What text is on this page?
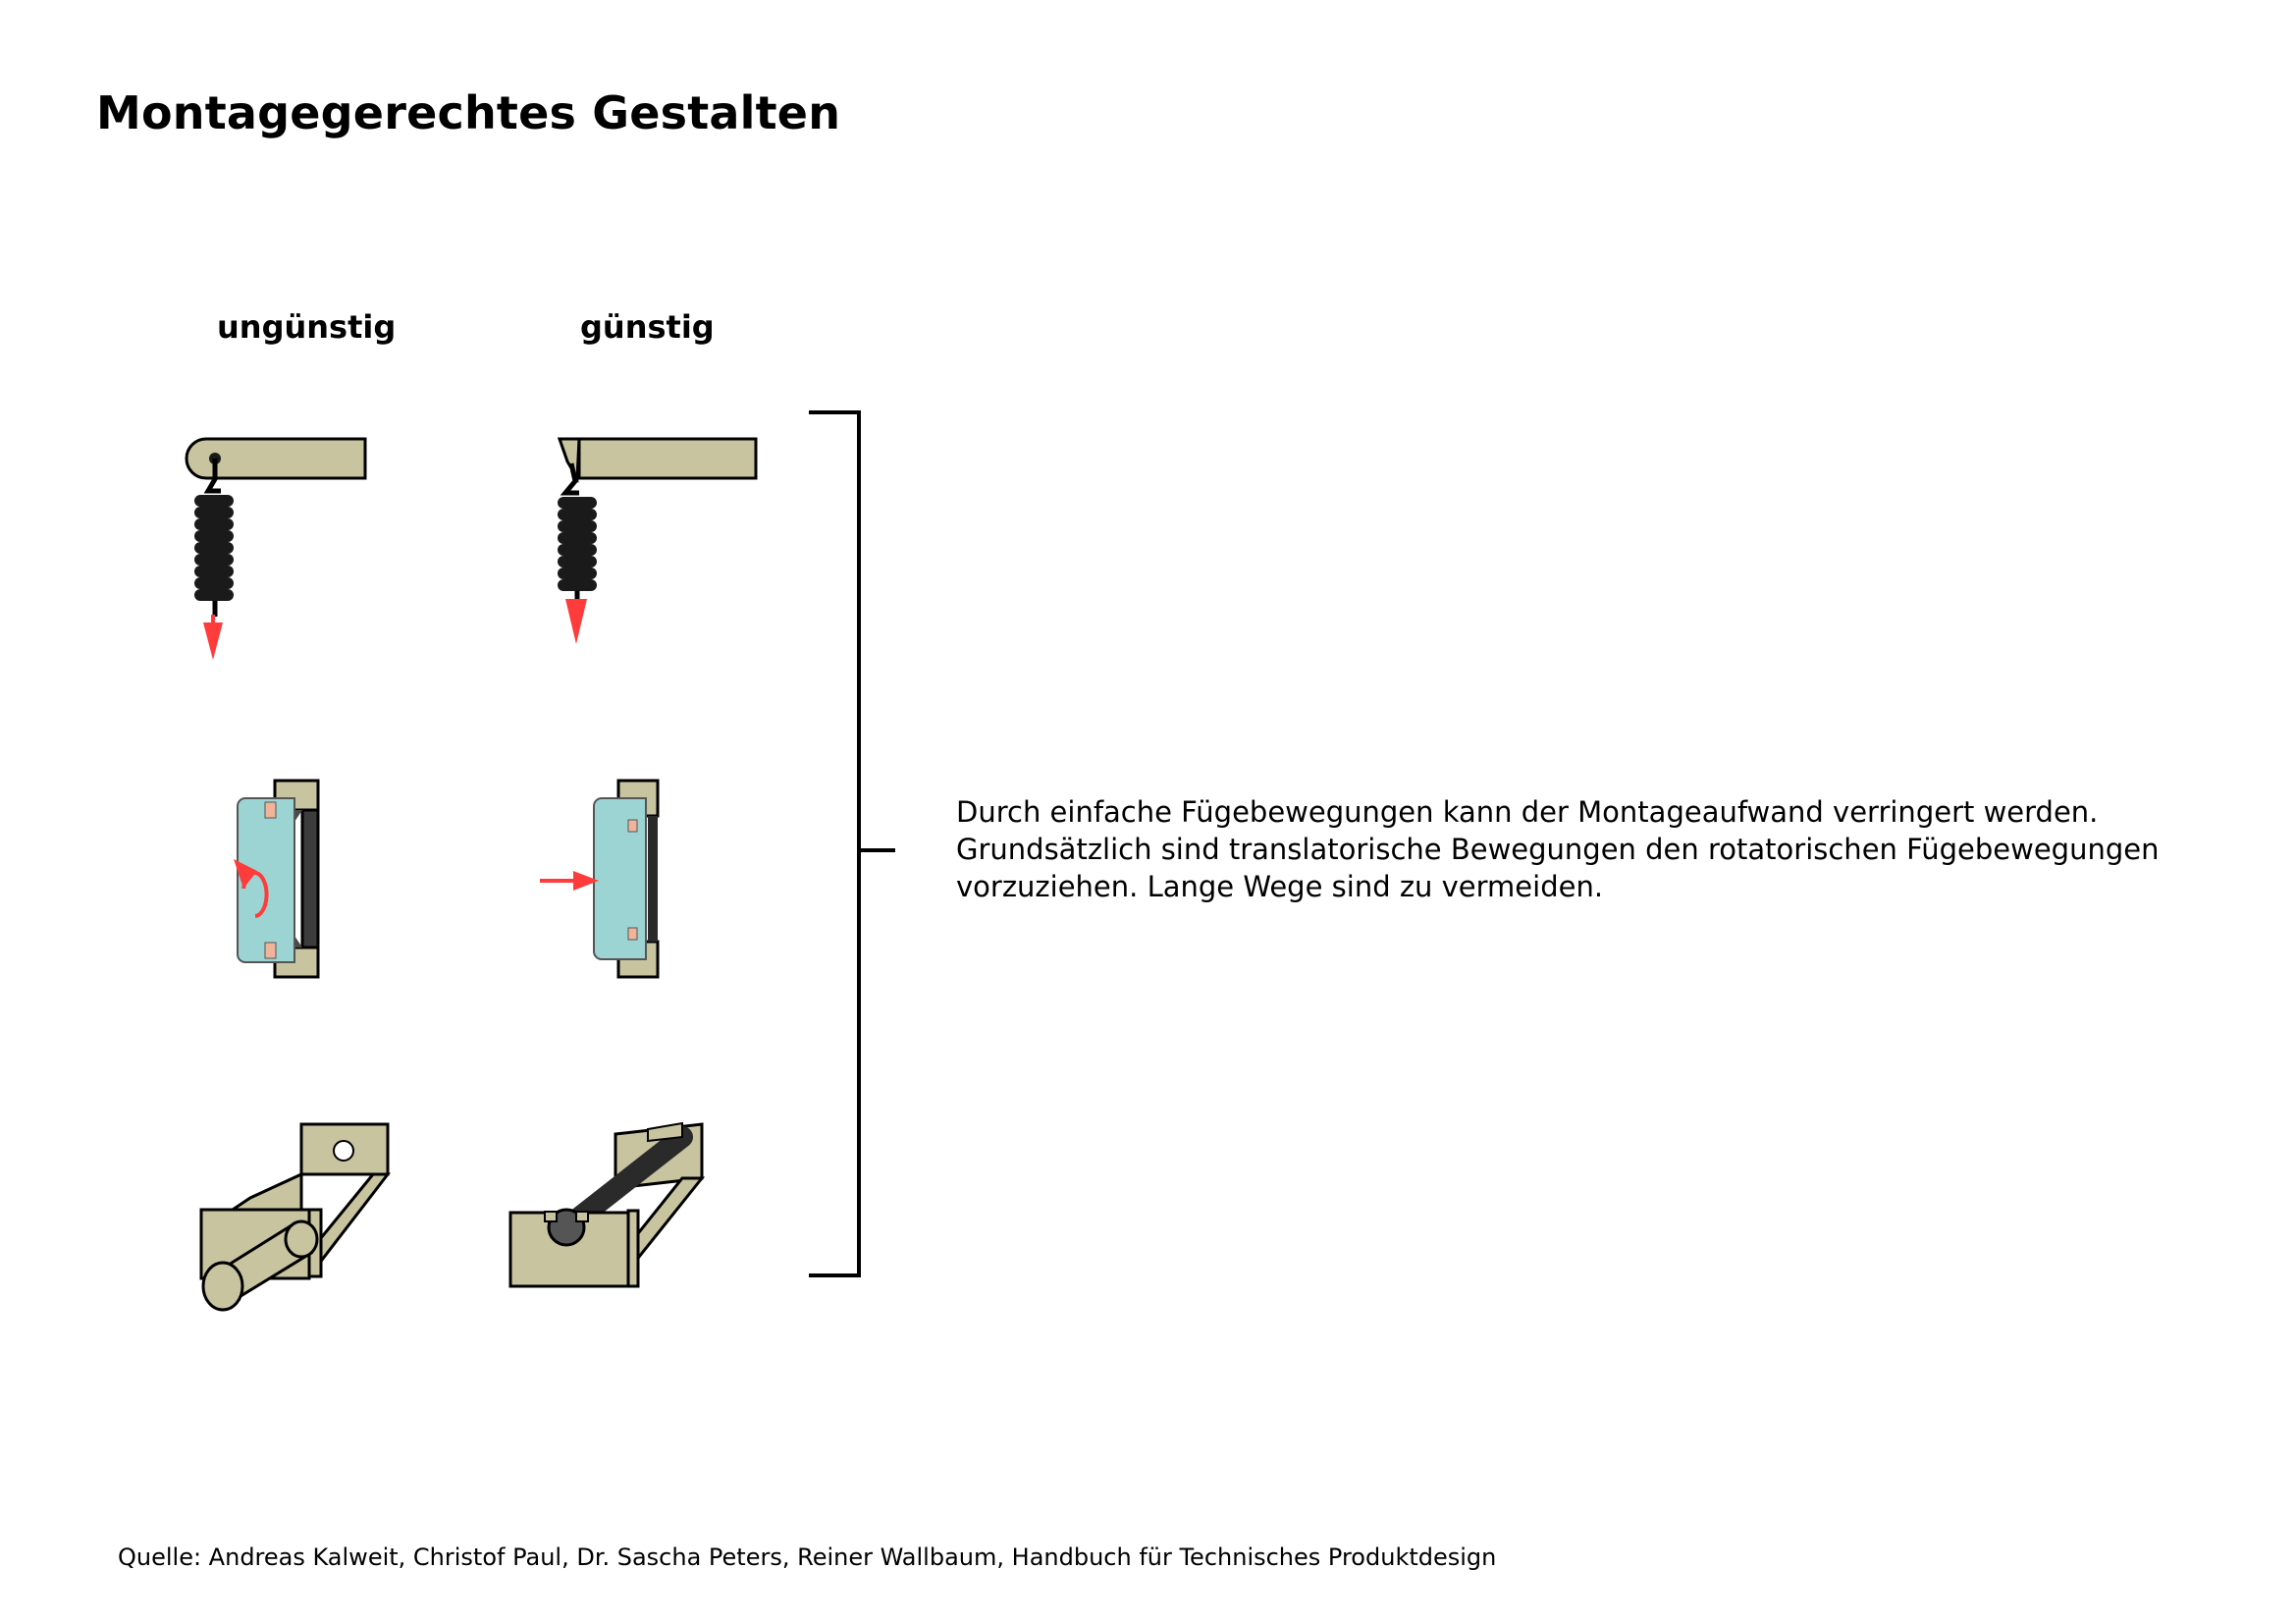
Montagegerechtes Gestalten
ungünstig	günstig
Durch einfache Fügebewegungen kann der Montageaufwand verringert werden.
Grundsätzlich sind translatorische Bewegungen den rotatorischen Fügebewegungen
vorzuziehen. Lange Wege sind zu vermeiden.
Quelle: Andreas Kalweit, Christof Paul, Dr. Sascha Peters, Reiner Wallbaum, Handbuch für Technisches Produktdesign
